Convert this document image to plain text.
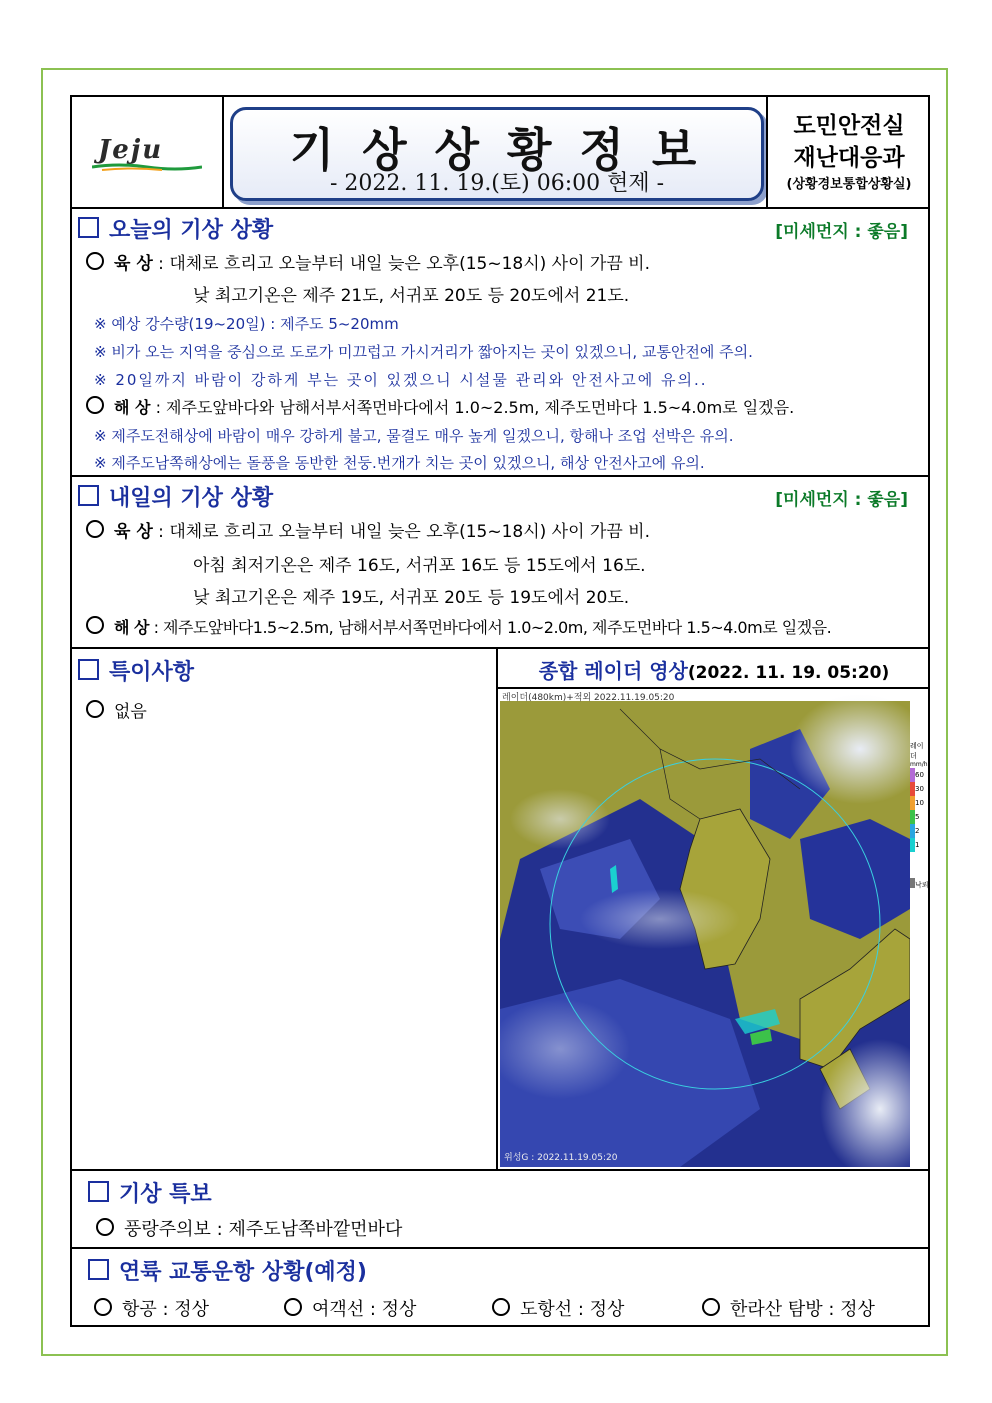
Jeju	기상상황정보
- 2022. 11. 19.(토) 06:00 현제 -
도민안전실
재난대응과
(상황경보통합상황실)
오늘의 기상 상황	[미세먼지 : 좋음]
육 상 : 대체로 흐리고 오늘부터 내일 늦은 오후(15~18시) 사이 가끔 비.
낮 최고기온은 제주 21도, 서귀포 20도 등 20도에서 21도.
※ 예상 강수량(19~20일) : 제주도 5~20mm
※ 비가 오는 지역을 중심으로 도로가 미끄럽고 가시거리가 짧아지는 곳이 있겠으니, 교통안전에 주의.
※ 20일까지 바람이 강하게 부는 곳이 있겠으니 시설물 관리와 안전사고에 유의..
해 상 : 제주도앞바다와 남해서부서쪽먼바다에서 1.0~2.5m, 제주도먼바다 1.5~4.0m로 일겠음.
※ 제주도전해상에 바람이 매우 강하게 불고, 물결도 매우 높게 일겠으니, 항해나 조업 선박은 유의.
※ 제주도남쪽해상에는 돌풍을 동반한 천둥.번개가 치는 곳이 있겠으니, 해상 안전사고에 유의.
내일의 기상 상황	[미세먼지 : 좋음]
육 상 : 대체로 흐리고 오늘부터 내일 늦은 오후(15~18시) 사이 가끔 비.
아침 최저기온은 제주 16도, 서귀포 16도 등 15도에서 16도.
낮 최고기온은 제주 19도, 서귀포 20도 등 19도에서 20도.
해 상 : 제주도앞바다1.5~2.5m, 남해서부서쪽먼바다에서 1.0~2.0m, 제주도먼바다 1.5~4.0m로 일겠음.
특이사항
없음
종합 레이더 영상(2022. 11. 19. 05:20)
레이더(480km)+적외 2022.11.19.05:20
위성G : 2022.11.19.05:20
레이더
mm/h
60
30
10
5
2
1
낙뢰
기상 특보
풍랑주의보 : 제주도남쪽바깥먼바다
연륙 교통운항 상황(예정)
항공 : 정상	여객선 : 정상	도항선 : 정상	한라산 탐방 : 정상
